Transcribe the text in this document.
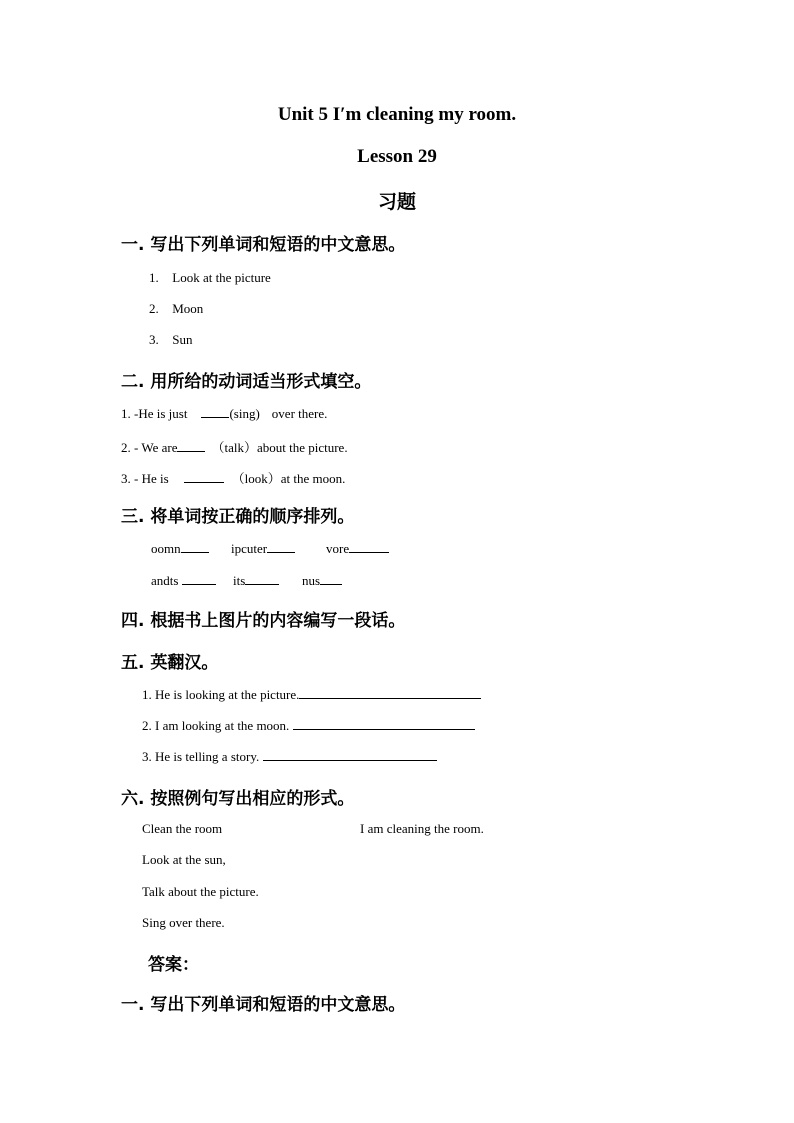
Unit 5 I′m cleaning my room.
Lesson 29
习题
一. 写出下列单词和短语的中文意思。
1. Look at the picture
2. Moon
3. Sun
二. 用所给的动词适当形式填空。
1. -He is just	(sing) over there.
2. - We are	（talk）about the picture.
3. - He is	（look）at the moon.
三. 将单词按正确的顺序排列。
oomn	ipcuter	vore
andts	its	nus
四. 根据书上图片的内容编写一段话。
五. 英翻汉。
1. He is looking at the picture.
2. I am looking at the moon.
3. He is telling a story.
六. 按照例句写出相应的形式。
Clean the room	I am cleaning the room.
Look at the sun,
Talk about the picture.
Sing over there.
答案：
一. 写出下列单词和短语的中文意思。
